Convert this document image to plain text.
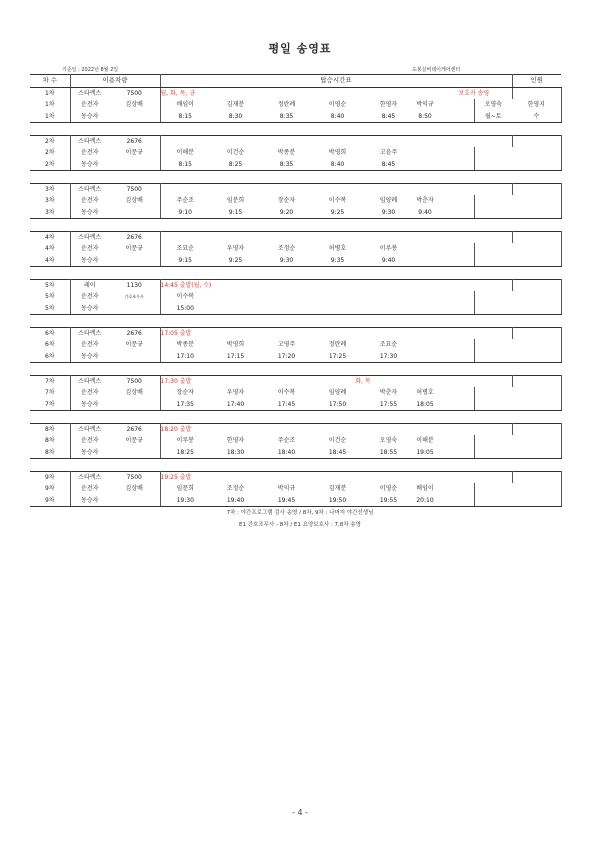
평일 송영표
기준일 : 2022년 8월 2일	도봉실버데이케어센터
차 수	이용차량		탑승시간표								인원	
1차	스타렉스	7500	월, 화, 목, 금						보호자 송영		
1차	운전자	김상배	배임이	김재분	정란례	이영순	한영자	박익규		오영숙	한영지	
1차	동승자		8:15	8:30	8:35	8:40	8:45	8:50		월~토	수	

2차	스타렉스	2676						
2차	운전자	이문규	이해분	이건순	박종분	박영희	고윤주					
2차	동승자		8:15	8:25	8:35	8:40	8:45					

3차	스타렉스	7500						
3차	운전자	김상배	주순조	임분희	장순자	이수복	임양례	박춘자				
3차	동승자		9:10	9:15	9:20	9:25	9:30	9:40				

4차	스타렉스	2676						
4차	운전자	이문규	조묘순	우영자	조정순	허병호	이루봉					
4차	동승자		9:15	9:25	9:30	9:35	9:40					

5차	레이	1130	14:45 출발(월, 수)					
5차	운전자	간호조무사	이수복									
5차	동승자		15:00									

6차	스타렉스	2676	17:05 출발					
6차	운전자	이문규	박종분	박영희	고영주	정란례	조묘순					
6차	동승자		17:10	17:15	17:20	17:25	17:30					

7차	스타렉스	7500	17:30 출발			화, 목				
7차	운전자	김상배	장순자	우영자	이수복	임양례	박춘자	허병호				
7차	동승자		17:35	17:40	17:45	17:50	17:55	18:05				

8차	스타렉스	2676	18:20 출발					
8차	운전자	이문규	이루봉	한영자	주순조	이건순	오영숙	이해분				
8차	동승자		18:25	18:30	18:40	18:45	18:55	19:05				

9차	스타렉스	7500	19:25 출발					
9차	운전자	김상배	임문희	조정순	박익규	김재분	이영순	배임이				
9차	동승자		19:30	19:40	19:45	19:50	19:55	20:10				
7차 : 야간프로그램 검사 송영 / 8차, 9차 : 나머지 야간선생님
E1 간호조무사 - 8차 / E1 요양보호사 : 7,8차 송영
- 4 -
